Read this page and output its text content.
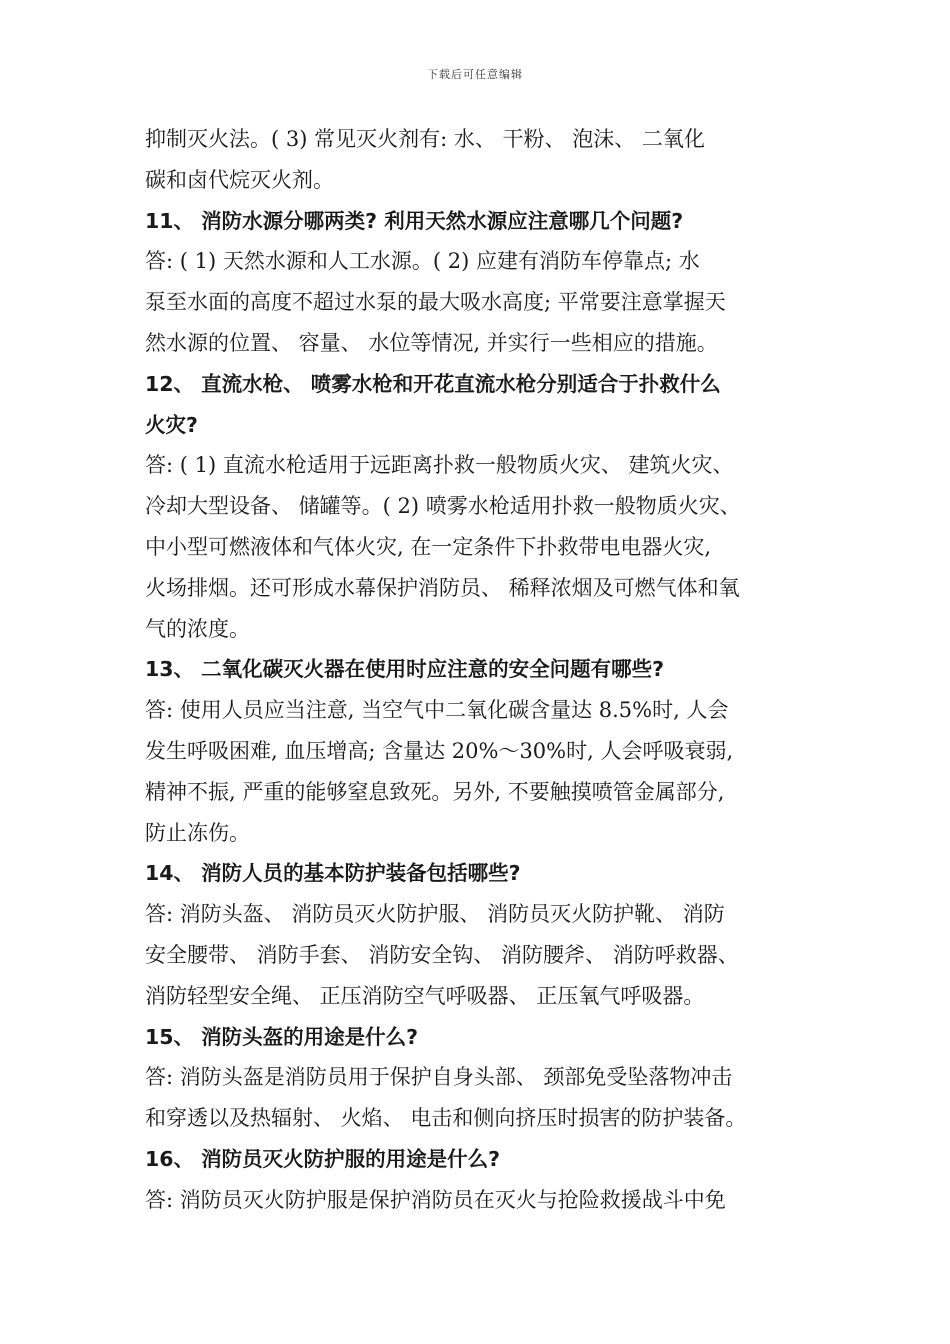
下载后可任意编辑
抑制灭火法。( 3) 常见灭火剂有: 水、 干粉、 泡沫、 二氧化
碳和卤代烷灭火剂。
11、 消防水源分哪两类? 利用天然水源应注意哪几个问题?
答: ( 1) 天然水源和人工水源。( 2) 应建有消防车停靠点; 水
泵至水面的高度不超过水泵的最大吸水高度; 平常要注意掌握天
然水源的位置、 容量、 水位等情况, 并实行一些相应的措施。
12、 直流水枪、 喷雾水枪和开花直流水枪分别适合于扑救什么
火灾?
答: ( 1) 直流水枪适用于远距离扑救一般物质火灾、 建筑火灾、
冷却大型设备、 储罐等。( 2) 喷雾水枪适用扑救一般物质火灾、
中小型可燃液体和气体火灾, 在一定条件下扑救带电电器火灾,
火场排烟。还可形成水幕保护消防员、 稀释浓烟及可燃气体和氧
气的浓度。
13、 二氧化碳灭火器在使用时应注意的安全问题有哪些?
答: 使用人员应当注意, 当空气中二氧化碳含量达 8.5%时, 人会
发生呼吸困难, 血压增高; 含量达 20%～30%时, 人会呼吸衰弱,
精神不振, 严重的能够窒息致死。另外, 不要触摸喷管金属部分,
防止冻伤。
14、 消防人员的基本防护装备包括哪些?
答: 消防头盔、 消防员灭火防护服、 消防员灭火防护靴、 消防
安全腰带、 消防手套、 消防安全钩、 消防腰斧、 消防呼救器、
消防轻型安全绳、 正压消防空气呼吸器、 正压氧气呼吸器。
15、 消防头盔的用途是什么?
答: 消防头盔是消防员用于保护自身头部、 颈部免受坠落物冲击
和穿透以及热辐射、 火焰、 电击和侧向挤压时损害的防护装备。
16、 消防员灭火防护服的用途是什么?
答: 消防员灭火防护服是保护消防员在灭火与抢险救援战斗中免
